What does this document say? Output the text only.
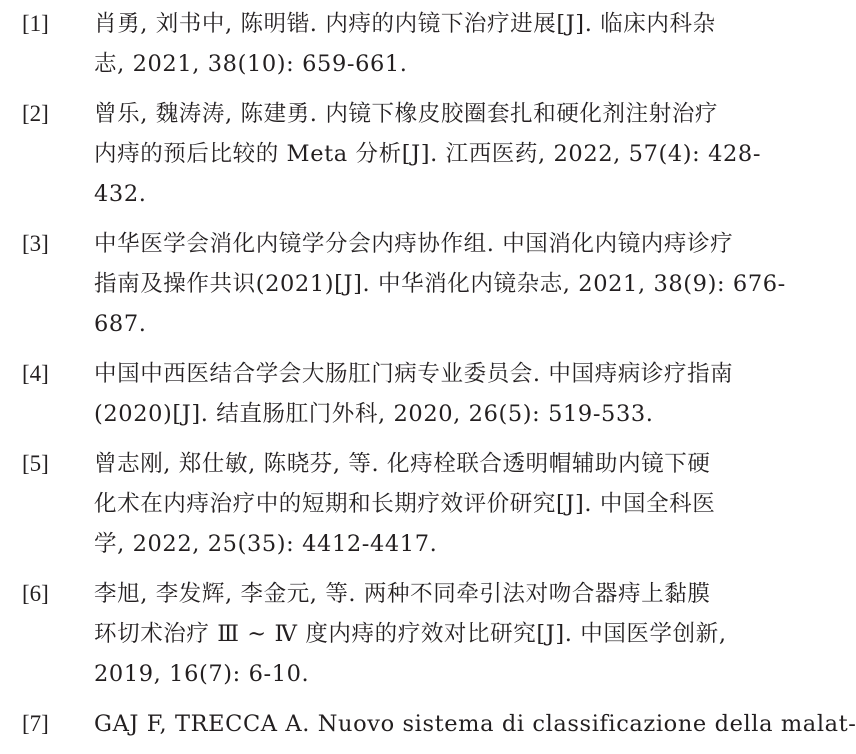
[1] 肖勇, 刘书中, 陈明锴. 内痔的内镜下治疗进展[J]. 临床内科杂
志, 2021, 38(10): 659-661.
[2] 曾乐, 魏涛涛, 陈建勇. 内镜下橡皮胶圈套扎和硬化剂注射治疗
内痔的预后比较的 Meta 分析[J]. 江西医药, 2022, 57(4): 428-
432.
[3] 中华医学会消化内镜学分会内痔协作组. 中国消化内镜内痔诊疗
指南及操作共识(2021)[J]. 中华消化内镜杂志, 2021, 38(9): 676-
687.
[4] 中国中西医结合学会大肠肛门病专业委员会. 中国痔病诊疗指南
(2020)[J]. 结直肠肛门外科, 2020, 26(5): 519-533.
[5] 曾志刚, 郑仕敏, 陈晓芬, 等. 化痔栓联合透明帽辅助内镜下硬
化术在内痔治疗中的短期和长期疗效评价研究[J]. 中国全科医
学, 2022, 25(35): 4412-4417.
[6] 李旭, 李发辉, 李金元, 等. 两种不同牵引法对吻合器痔上黏膜
环切术治疗 Ⅲ ~ Ⅳ 度内痔的疗效对比研究[J]. 中国医学创新,
2019, 16(7): 6-10.
[7] GAJ F, TRECCA A. Nuovo sistema di classificazione della malat-
